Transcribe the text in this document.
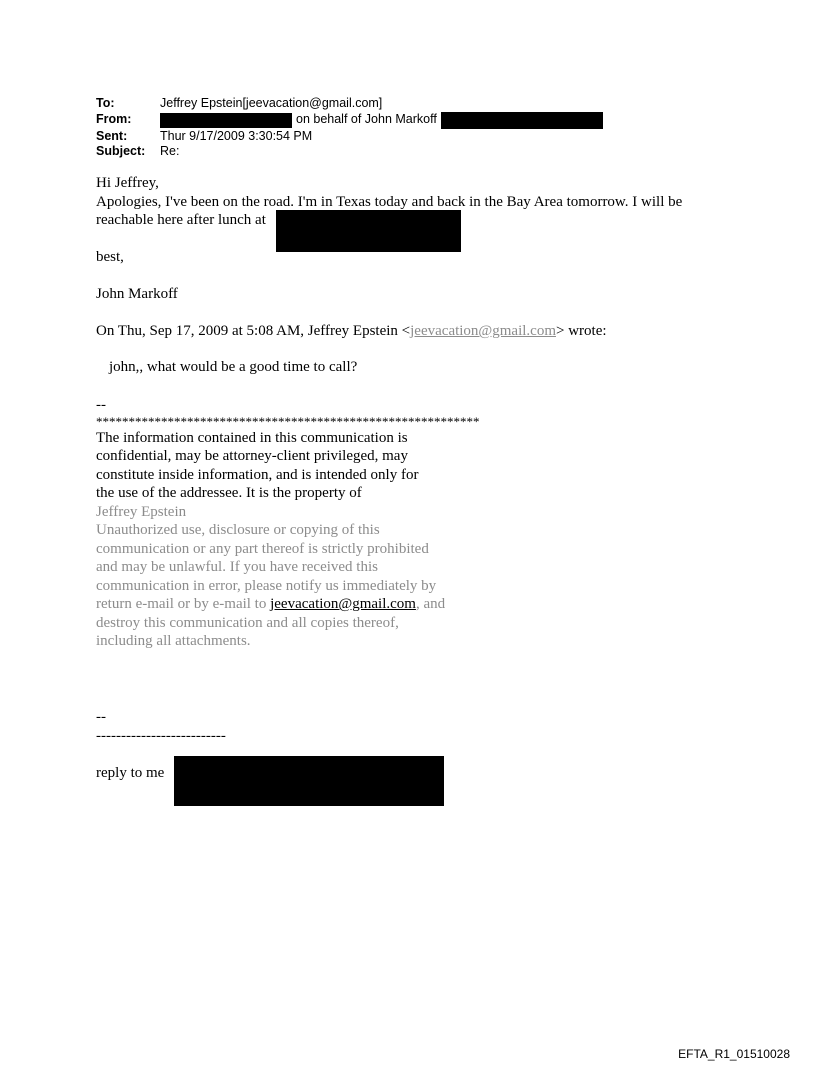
To:	Jeffrey Epstein[jeevacation@gmail.com]
From:	on behalf of John Markoff
Sent:	Thur 9/17/2009 3:30:54 PM
Subject:	Re:

Hi Jeffrey,

Apologies, I've been on the road. I'm in Texas today and back in the Bay Area tomorrow. I will be

reachable here after lunch at

best,

John Markoff

On Thu, Sep 17, 2009 at 5:08 AM, Jeffrey Epstein <jeevacation@gmail.com> wrote:

john,, what would be a good time to call?

--

***********************************************************

The information contained in this communication is

confidential, may be attorney-client privileged, may

constitute inside information, and is intended only for

the use of the addressee. It is the property of

Jeffrey Epstein

Unauthorized use, disclosure or copying of this

communication or any part thereof is strictly prohibited

and may be unlawful. If you have received this

communication in error, please notify us immediately by

return e-mail or by e-mail to jeevacation@gmail.com, and

destroy this communication and all copies thereof,

including all attachments.

--

--------------------------

reply to me

EFTA_R1_01510028
